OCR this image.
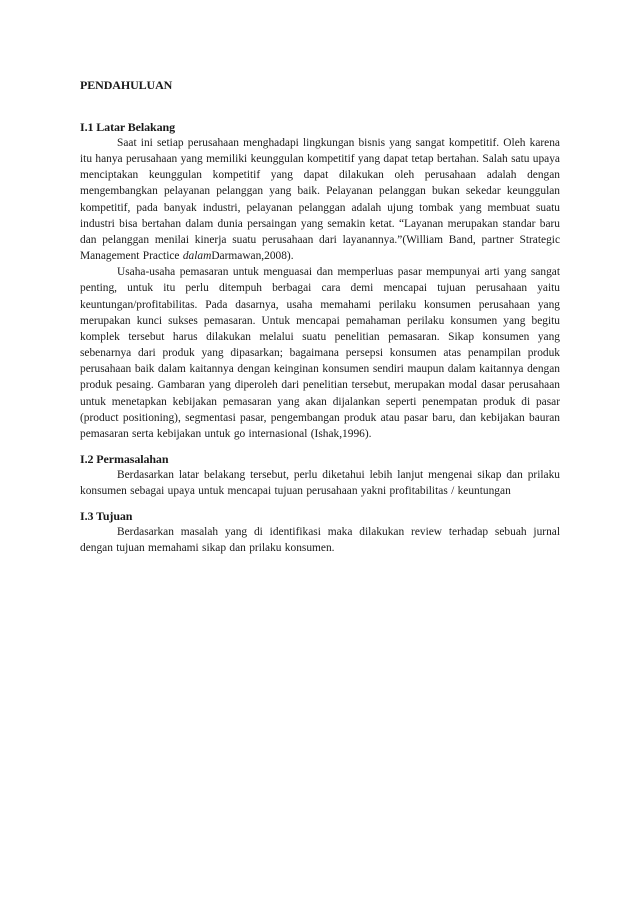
PENDAHULUAN

I.1 Latar Belakang

Saat ini setiap perusahaan menghadapi lingkungan bisnis yang sangat kompetitif. Oleh karena itu hanya perusahaan yang memiliki keunggulan kompetitif yang dapat tetap bertahan. Salah satu upaya menciptakan keunggulan kompetitif yang dapat dilakukan oleh perusahaan adalah dengan mengembangkan pelayanan pelanggan yang baik. Pelayanan pelanggan bukan sekedar keunggulan kompetitif, pada banyak industri, pelayanan pelanggan adalah ujung tombak yang membuat suatu industri bisa bertahan dalam dunia persaingan yang semakin ketat. “Layanan merupakan standar baru dan pelanggan menilai kinerja suatu perusahaan dari layanannya.”(William Band, partner Strategic Management Practice dalamDarmawan,2008).

Usaha-usaha pemasaran untuk menguasai dan memperluas pasar mempunyai arti yang sangat penting, untuk itu perlu ditempuh berbagai cara demi mencapai tujuan perusahaan yaitu keuntungan/profitabilitas. Pada dasarnya, usaha memahami perilaku konsumen perusahaan yang merupakan kunci sukses pemasaran. Untuk mencapai pemahaman perilaku konsumen yang begitu komplek tersebut harus dilakukan melalui suatu penelitian pemasaran. Sikap konsumen yang sebenarnya dari produk yang dipasarkan; bagaimana persepsi konsumen atas penampilan produk perusahaan baik dalam kaitannya dengan keinginan konsumen sendiri maupun dalam kaitannya dengan produk pesaing. Gambaran yang diperoleh dari penelitian tersebut, merupakan modal dasar perusahaan untuk menetapkan kebijakan pemasaran yang akan dijalankan seperti penempatan produk di pasar (product positioning), segmentasi pasar, pengembangan produk atau pasar baru, dan kebijakan bauran pemasaran serta kebijakan untuk go internasional (Ishak,1996).

I.2 Permasalahan

Berdasarkan latar belakang tersebut, perlu diketahui lebih lanjut mengenai sikap dan prilaku konsumen sebagai upaya untuk mencapai tujuan perusahaan yakni profitabilitas / keuntungan

I.3 Tujuan

Berdasarkan masalah yang di identifikasi maka dilakukan review terhadap sebuah jurnal dengan tujuan memahami sikap dan prilaku konsumen.
